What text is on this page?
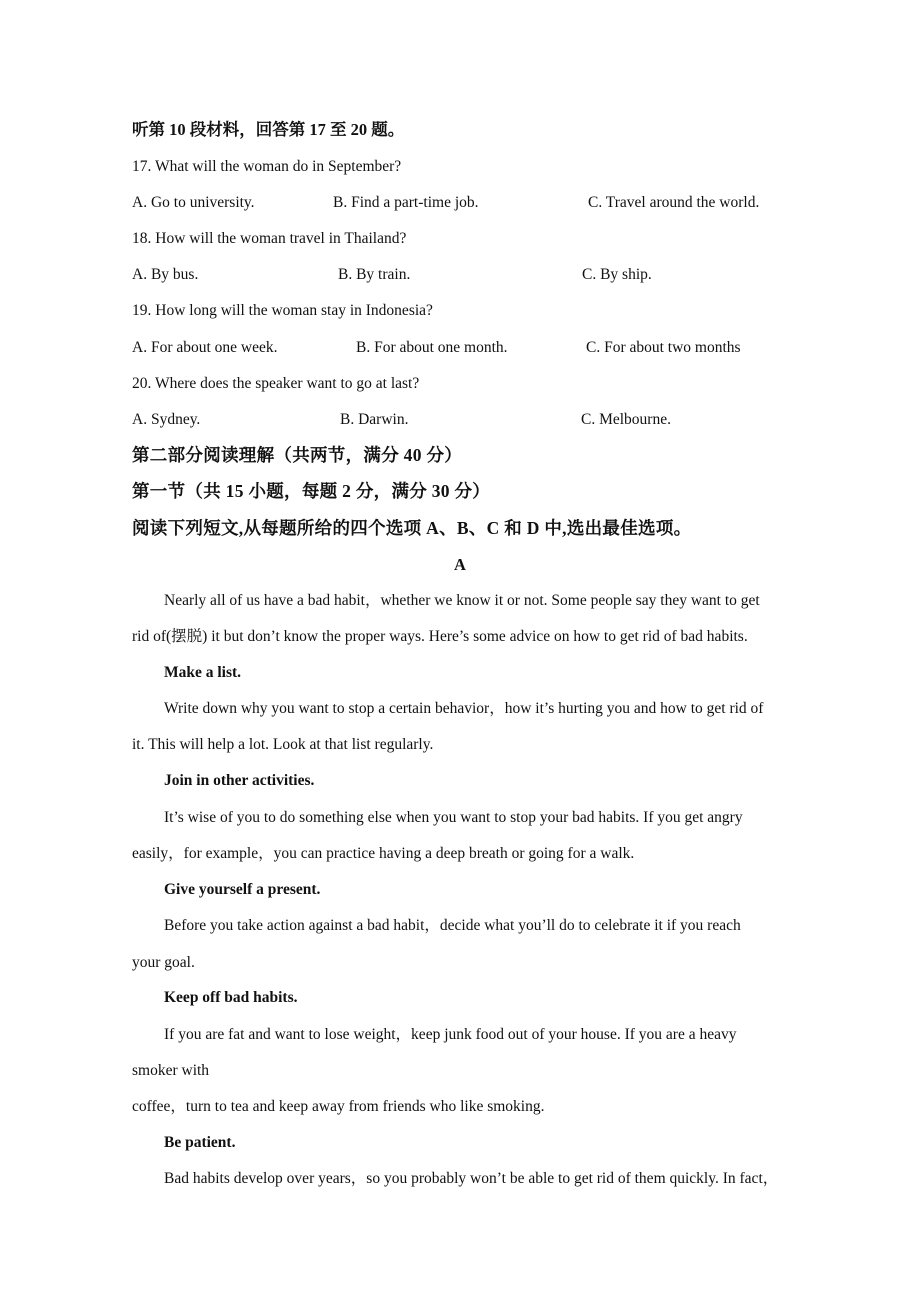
听第 10 段材料，回答第 17 至 20 题。
17. What will the woman do in September?
A. Go to university.	B. Find a part-time job.	C. Travel around the world.
18. How will the woman travel in Thailand?
A. By bus.	B. By train.	C. By ship.
19. How long will the woman stay in Indonesia?
A. For about one week.	B. For about one month.	C. For about two months
20. Where does the speaker want to go at last?
A. Sydney.	B. Darwin.	C. Melbourne.
第二部分阅读理解（共两节，满分 40 分）
第一节（共 15 小题，每题 2 分，满分 30 分）
阅读下列短文,从每题所给的四个选项 A、B、C 和 D 中,选出最佳选项。
A
Nearly all of us have a bad habit，whether we know it or not. Some people say they want to get
rid of(摆脱) it but don’t know the proper ways. Here’s some advice on how to get rid of bad habits.
Make a list.
Write down why you want to stop a certain behavior，how it’s hurting you and how to get rid of
it. This will help a lot. Look at that list regularly.
Join in other activities.
It’s wise of you to do something else when you want to stop your bad habits. If you get angry
easily，for example，you can practice having a deep breath or going for a walk.
Give yourself a present.
Before you take action against a bad habit，decide what you’ll do to celebrate it if you reach
your goal.
Keep off bad habits.
If you are fat and want to lose weight，keep junk food out of your house. If you are a heavy
smoker with
coffee，turn to tea and keep away from friends who like smoking.
Be patient.
Bad habits develop over years，so you probably won’t be able to get rid of them quickly. In fact，
